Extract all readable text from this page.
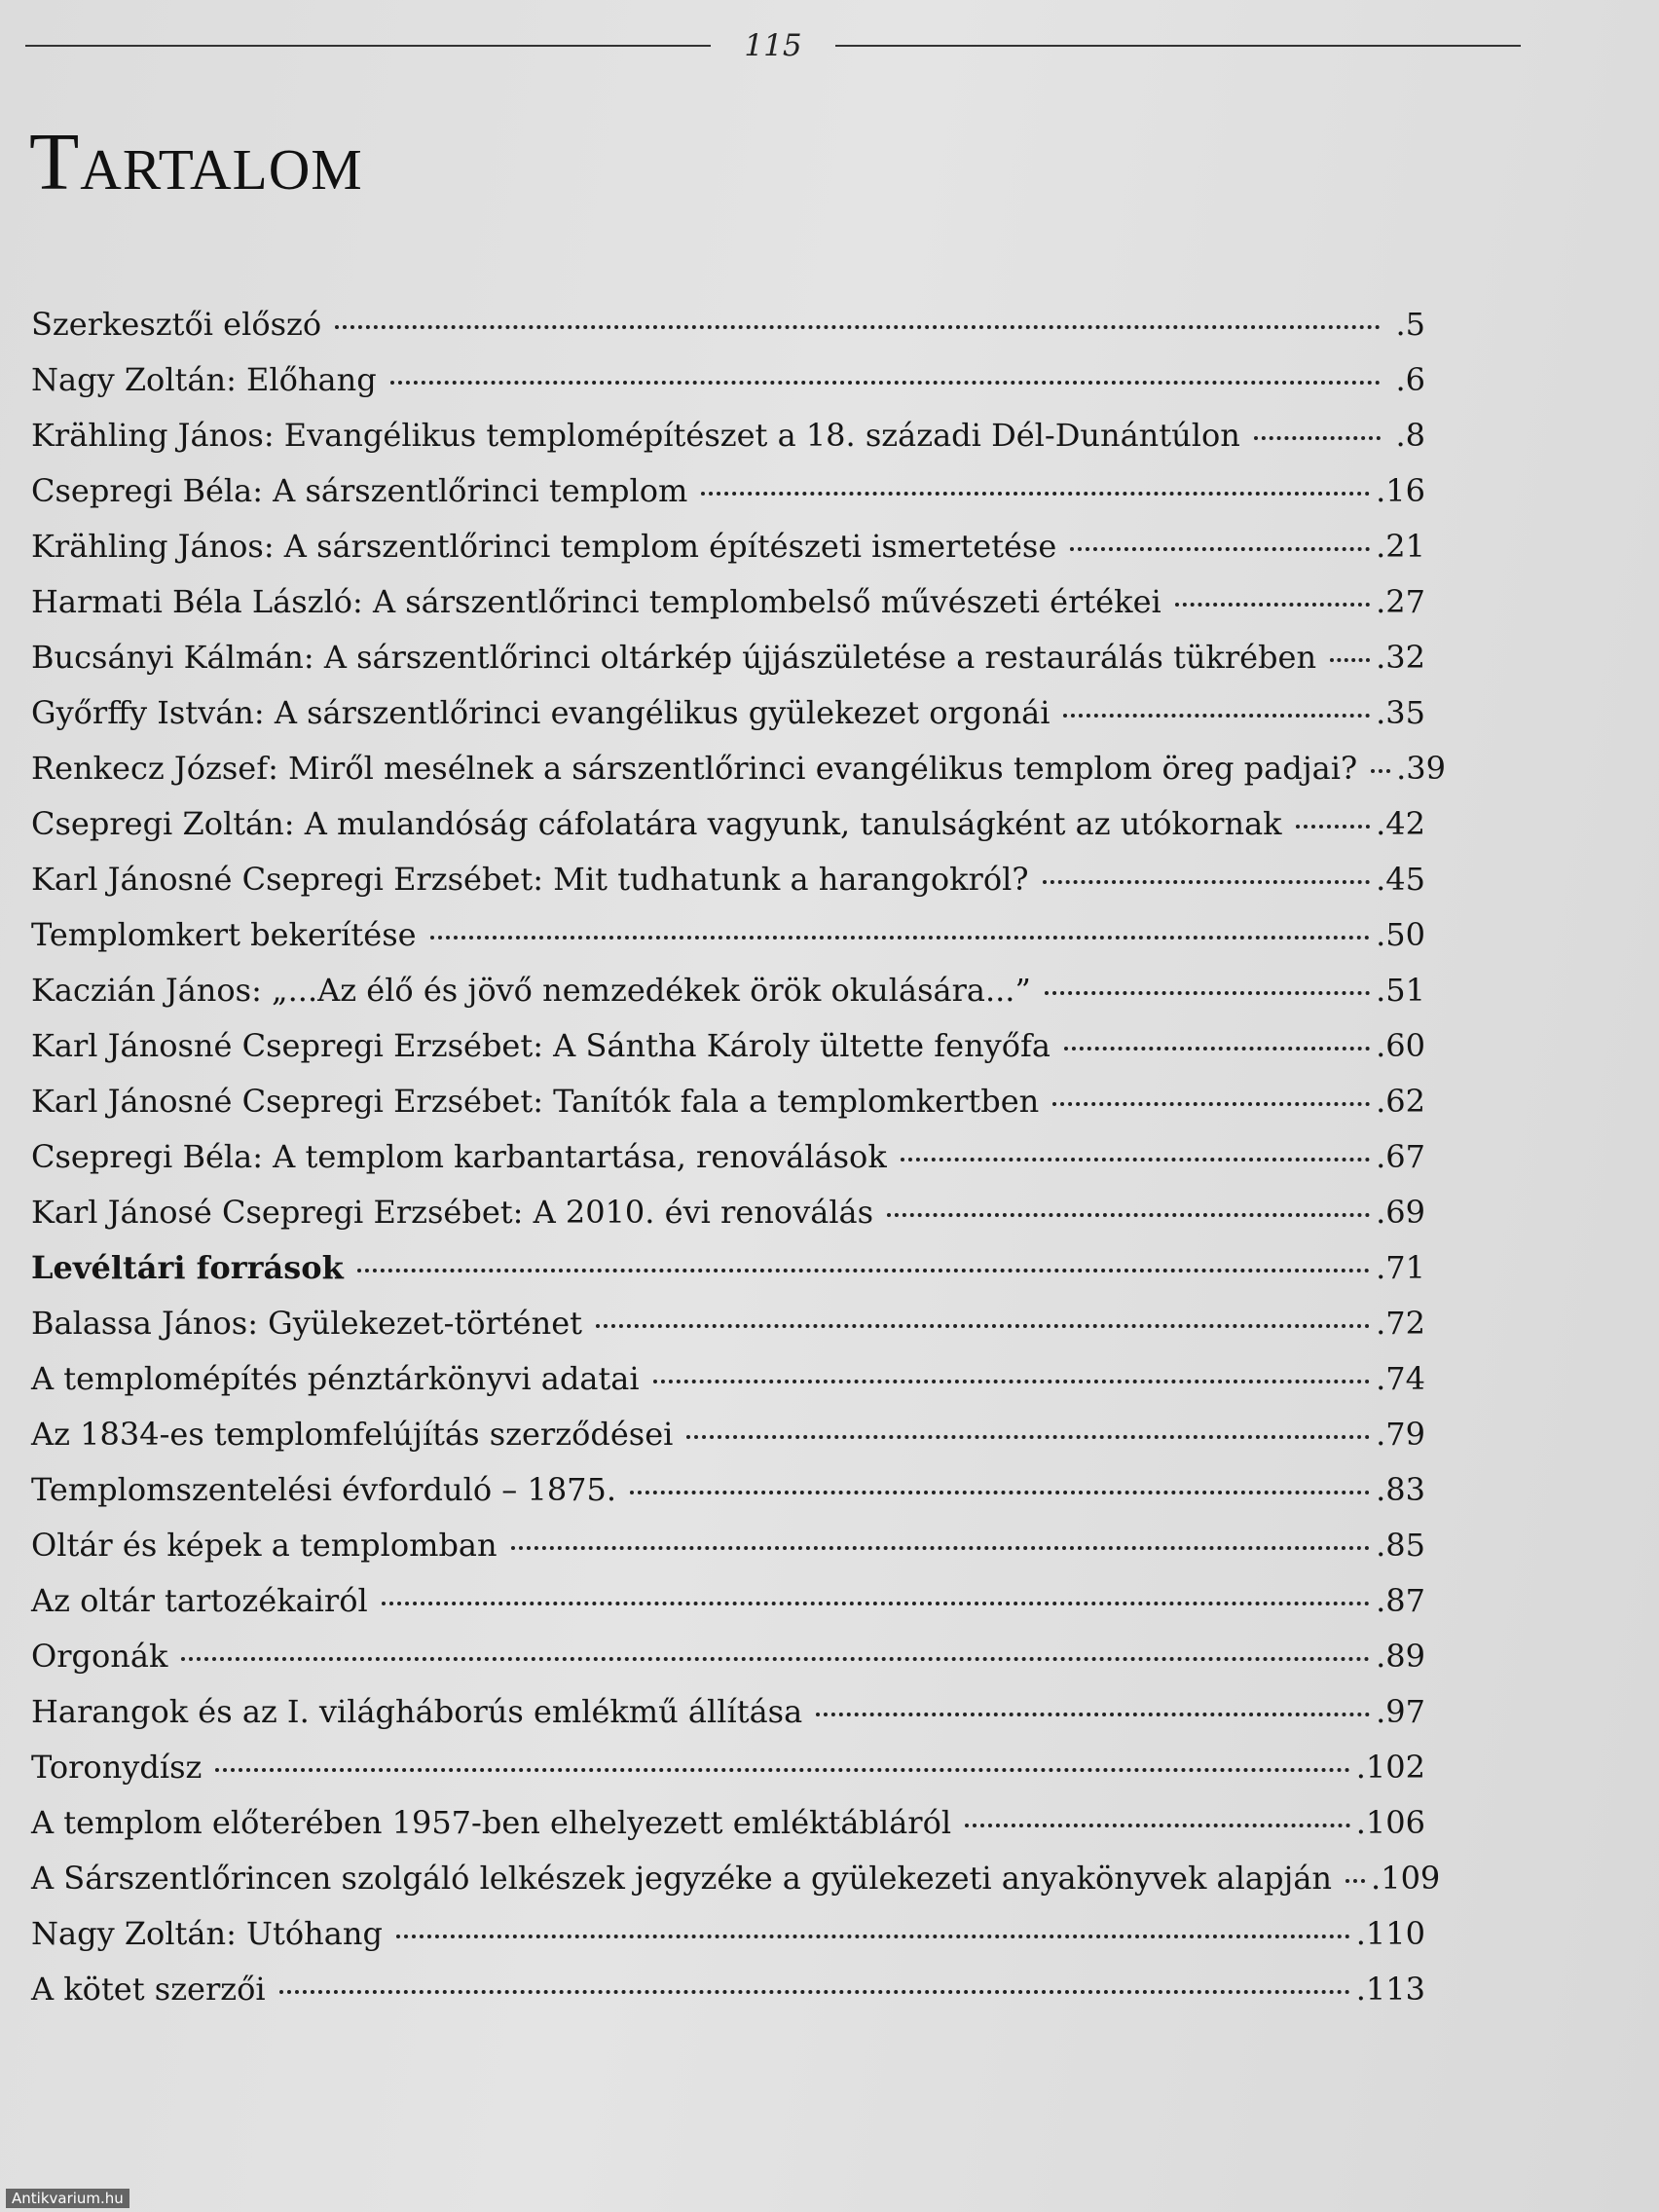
115
Tartalom
Szerkesztői előszó	.5
Nagy Zoltán: Előhang	.6
Krähling János: Evangélikus templomépítészet a 18. századi Dél-Dunántúlon	.8
Csepregi Béla: A sárszentlőrinci templom	.16
Krähling János: A sárszentlőrinci templom építészeti ismertetése	.21
Harmati Béla László: A sárszentlőrinci templombelső művészeti értékei	.27
Bucsányi Kálmán: A sárszentlőrinci oltárkép újjászületése a restaurálás tükrében .32
Győrffy István: A sárszentlőrinci evangélikus gyülekezet orgonái	.35
Renkecz József: Miről mesélnek a sárszentlőrinci evangélikus templom öreg padjai? .39
Csepregi Zoltán: A mulandóság cáfolatára vagyunk, tanulságként az utókornak	.42
Karl Jánosné Csepregi Erzsébet: Mit tudhatunk a harangokról?	.45
Templomkert bekerítése	.50
Kaczián János: „...Az élő és jövő nemzedékek örök okulására...”	.51
Karl Jánosné Csepregi Erzsébet: A Sántha Károly ültette fenyőfa	.60
Karl Jánosné Csepregi Erzsébet: Tanítók fala a templomkertben	.62
Csepregi Béla: A templom karbantartása, renoválások	.67
Karl Jánosé Csepregi Erzsébet: A 2010. évi renoválás	.69
Levéltári források	.71
Balassa János: Gyülekezet-történet	.72
A templomépítés pénztárkönyvi adatai	.74
Az 1834-es templomfelújítás szerződései	.79
Templomszentelési évforduló – 1875.	.83
Oltár és képek a templomban	.85
Az oltár tartozékairól	.87
Orgonák	.89
Harangok és az I. világháborús emlékmű állítása	.97
Toronydísz	.102
A templom előterében 1957-ben elhelyezett emléktábláról	.106
A Sárszentlőrincen szolgáló lelkészek jegyzéke a gyülekezeti anyakönyvek alapján .109
Nagy Zoltán: Utóhang	.110
A kötet szerzői	.113
Antikvarium.hu
